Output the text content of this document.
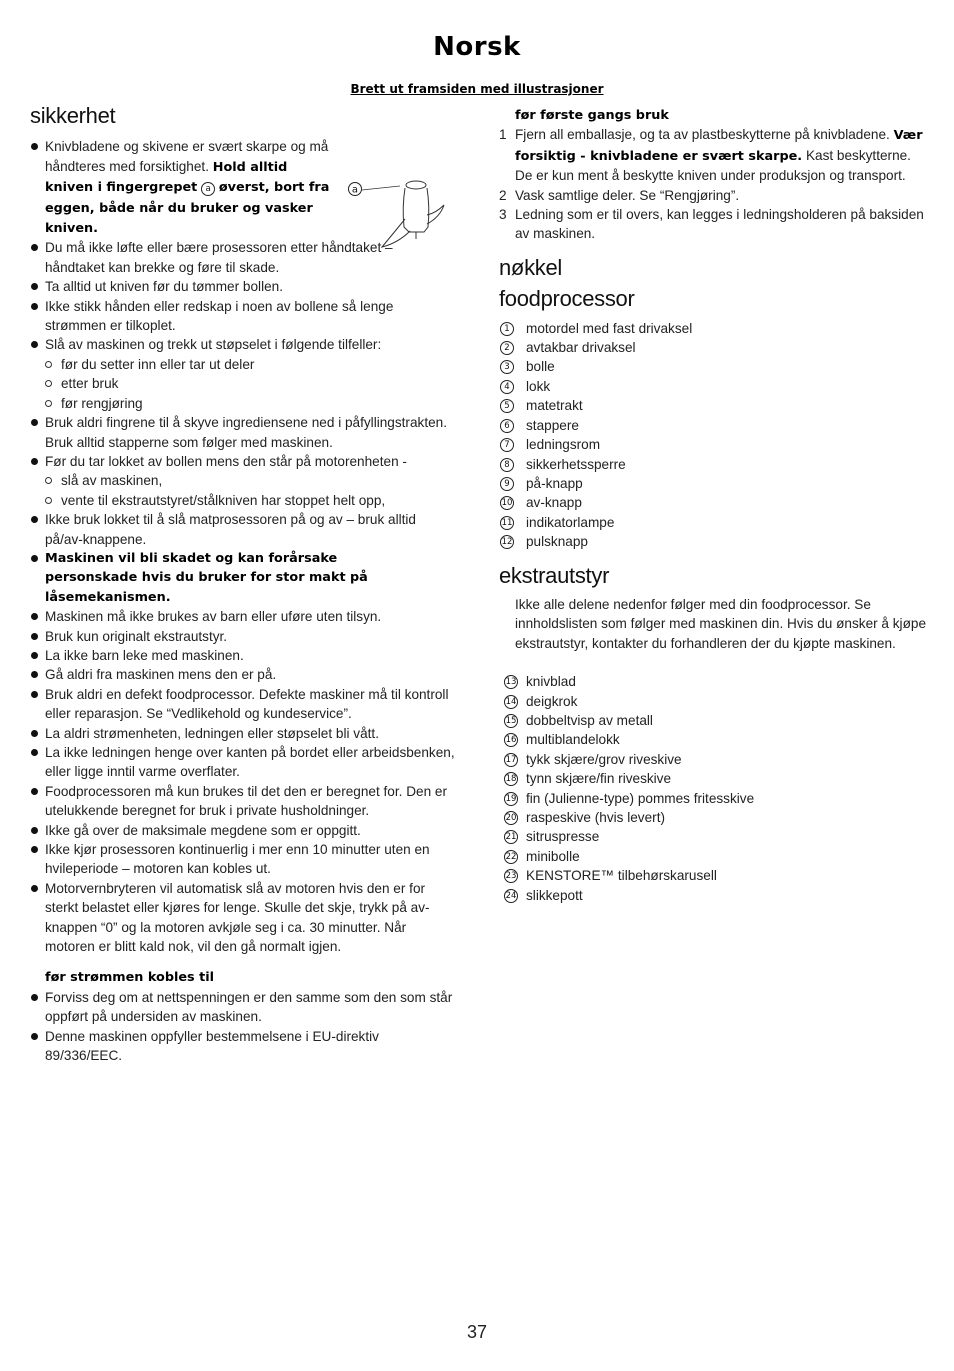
Norsk
Brett ut framsiden med illustrasjoner
sikkerhet
a

Knivbladene og skivene er svært skarpe og må håndteres med forsiktighet. Hold alltid kniven i fingergrepet a øverst, bort fra eggen, både når du bruker og vasker kniven.

Du må ikke løfte eller bære prosessoren etter håndtaket – håndtaket kan brekke og føre til skade.

Ta alltid ut kniven før du tømmer bollen.

Ikke stikk hånden eller redskap i noen av bollene så lenge strømmen er tilkoplet.

Slå av maskinen og trekk ut støpselet i følgende tilfeller:

før du setter inn eller tar ut deler

etter bruk

før rengjøring

Bruk aldri fingrene til å skyve ingrediensene ned i påfyllingstrakten. Bruk alltid stapperne som følger med maskinen.

Før du tar lokket av bollen mens den står på motorenheten -

slå av maskinen,

vente til ekstrautstyret/stålkniven har stoppet helt opp,

Ikke bruk lokket til å slå matprosessoren på og av – bruk alltid på/av-knappene.

Maskinen vil bli skadet og kan forårsake personskade hvis du bruker for stor makt på låsemekanismen.

Maskinen må ikke brukes av barn eller uføre uten tilsyn.

Bruk kun originalt ekstrautstyr.

La ikke barn leke med maskinen.

Gå aldri fra maskinen mens den er på.

Bruk aldri en defekt foodprocessor. Defekte maskiner må til kontroll eller reparasjon. Se “Vedlikehold og kundeservice”.

La aldri strømenheten, ledningen eller støpselet bli vått.

La ikke ledningen henge over kanten på bordet eller arbeidsbenken, eller ligge inntil varme overflater.

Foodprocessoren må kun brukes til det den er beregnet for. Den er utelukkende beregnet for bruk i private husholdninger.

Ikke gå over de maksimale megdene som er oppgitt.

Ikke kjør prosessoren kontinuerlig i mer enn 10 minutter uten en hvileperiode – motoren kan kobles ut.

Motorvernbryteren vil automatisk slå av motoren hvis den er for sterkt belastet eller kjøres for lenge. Skulle det skje, trykk på av-knappen “0” og la motoren avkjøle seg i ca. 30 minutter. Når motoren er blitt kald nok, vil den gå normalt igjen.

før strømmen kobles til

Forviss deg om at nettspenningen er den samme som den som står oppført på undersiden av maskinen.

Denne maskinen oppfyller bestemmelsene i EU-direktiv 89/336/EEC.

før første gangs bruk

1 Fjern all emballasje, og ta av plastbeskytterne på knivbladene. Vær forsiktig - knivbladene er svært skarpe. Kast beskytterne. De er kun ment å beskytte kniven under produksjon og transport.

2 Vask samtlige deler. Se “Rengjøring”.

3 Ledning som er til overs, kan legges i ledningsholderen på baksiden av maskinen.

nøkkel
foodprocessor

1	motordel med fast drivaksel

2	avtakbar drivaksel

3	bolle

4	lokk

5	matetrakt

6	stappere

7	ledningsrom

8	sikkerhetssperre

9	på-knapp

10 av-knapp

11 indikatorlampe

12 pulsknapp

ekstrautstyr

Ikke alle delene nedenfor følger med din foodprocessor. Se innholdslisten som følger med maskinen din. Hvis du ønsker å kjøpe ekstrautstyr, kontakter du forhandleren der du kjøpte maskinen.

13 knivblad

14 deigkrok

15 dobbeltvisp av metall

16 multiblandelokk

17 tykk skjære/grov riveskive

18 tynn skjære/fin riveskive

19 fin (Julienne-type) pommes fritesskive

20 raspeskive (hvis levert)

21 sitruspresse

22 minibolle

23 KENSTORE™ tilbehørskarusell

24 slikkepott

37
